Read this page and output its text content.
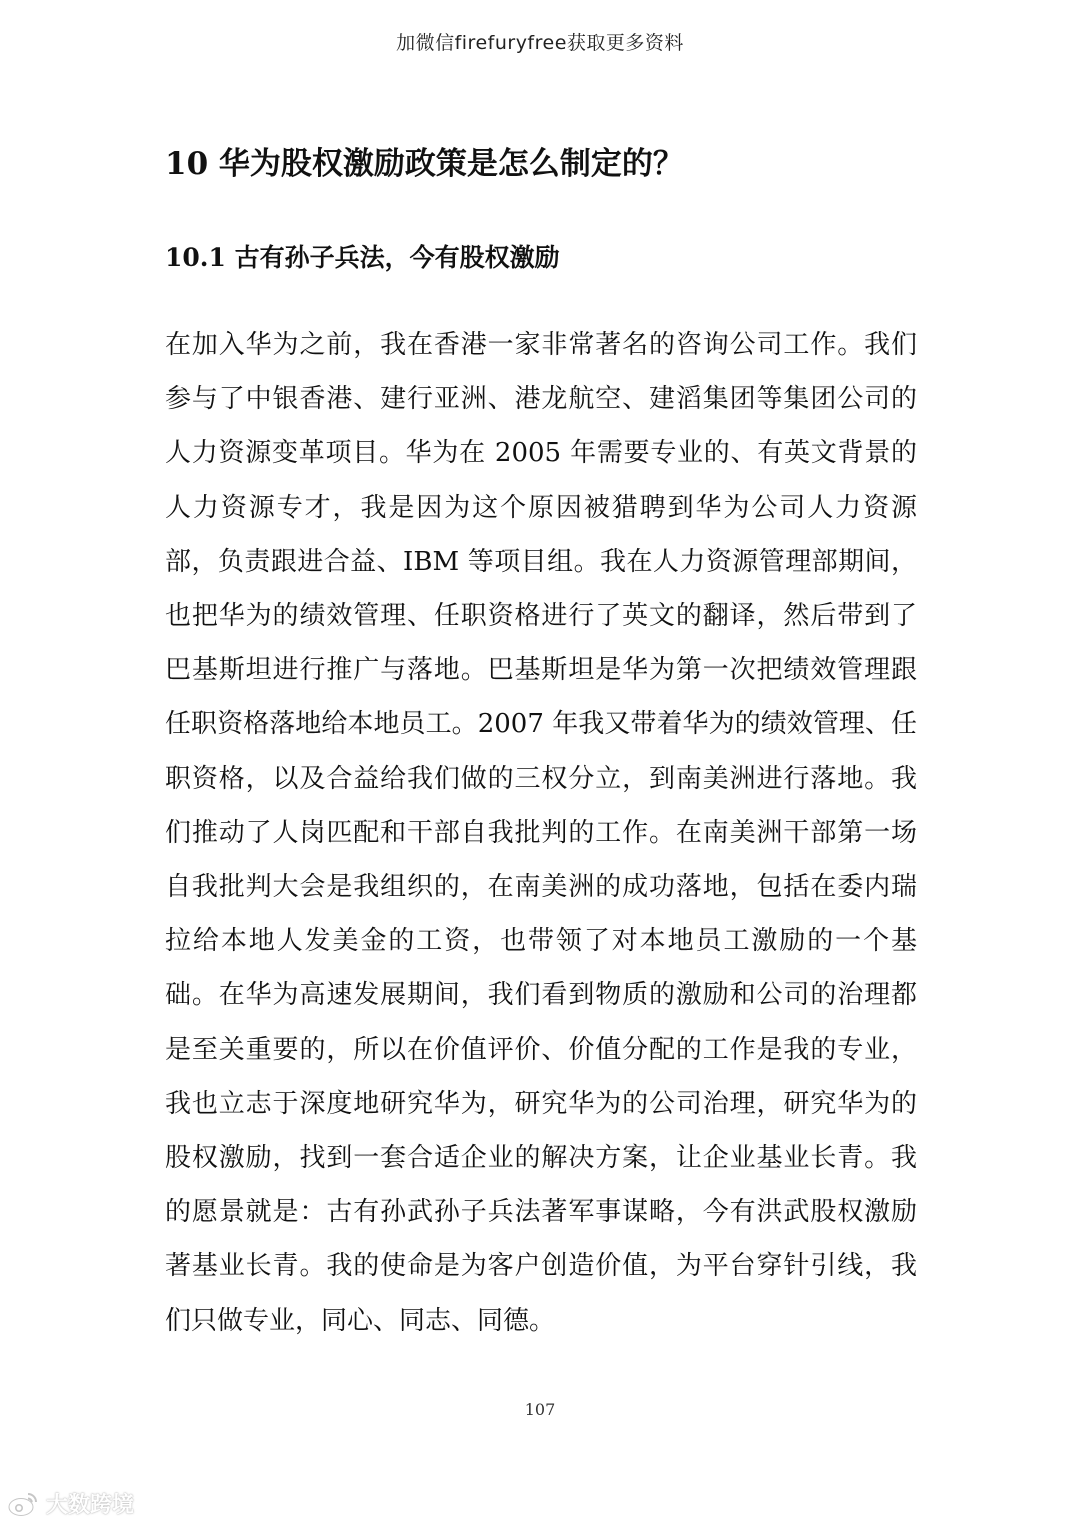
加微信firefuryfree获取更多资料
10 华为股权激励政策是怎么制定的？
10.1 古有孙子兵法，今有股权激励

在加入华为之前，我在香港一家非常著名的咨询公司工作。我们参与了中银香港、建行亚洲、港龙航空、建滔集团等集团公司的人力资源变革项目。华为在 2005 年需要专业的、有英文背景的人力资源专才，我是因为这个原因被猎聘到华为公司人力资源部，负责跟进合益、IBM 等项目组。我在人力资源管理部期间，也把华为的绩效管理、任职资格进行了英文的翻译，然后带到了巴基斯坦进行推广与落地。巴基斯坦是华为第一次把绩效管理跟任职资格落地给本地员工。2007 年我又带着华为的绩效管理、任职资格，以及合益给我们做的三权分立，到南美洲进行落地。我们推动了人岗匹配和干部自我批判的工作。在南美洲干部第一场自我批判大会是我组织的，在南美洲的成功落地，包括在委内瑞拉给本地人发美金的工资，也带领了对本地员工激励的一个基础。在华为高速发展期间，我们看到物质的激励和公司的治理都是至关重要的，所以在价值评价、价值分配的工作是我的专业，我也立志于深度地研究华为，研究华为的公司治理，研究华为的股权激励，找到一套合适企业的解决方案，让企业基业长青。我的愿景就是：古有孙武孙子兵法著军事谋略，今有洪武股权激励著基业长青。我的使命是为客户创造价值，为平台穿针引线，我们只做专业，同心、同志、同德。

107
大数跨境
